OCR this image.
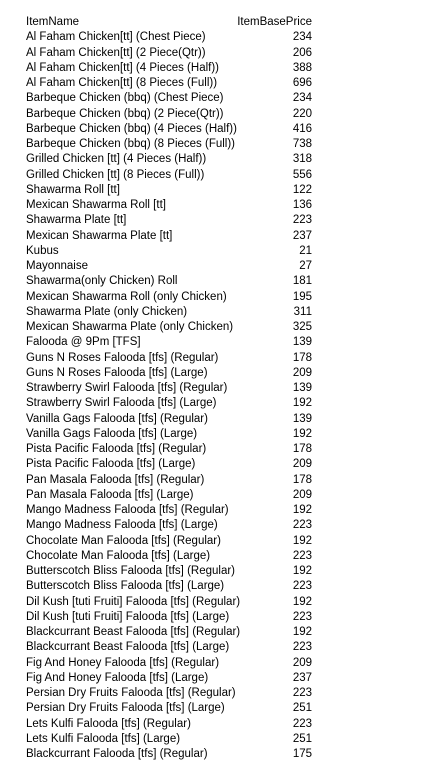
ItemName	ItemBasePrice
Al Faham Chicken[tt] (Chest Piece)	234
Al Faham Chicken[tt] (2 Piece(Qtr))	206
Al Faham Chicken[tt] (4 Pieces (Half))	388
Al Faham Chicken[tt] (8 Pieces (Full))	696
Barbeque Chicken (bbq) (Chest Piece)	234
Barbeque Chicken (bbq) (2 Piece(Qtr))	220
Barbeque Chicken (bbq) (4 Pieces (Half))	416
Barbeque Chicken (bbq) (8 Pieces (Full))	738
Grilled Chicken [tt] (4 Pieces (Half))	318
Grilled Chicken [tt] (8 Pieces (Full))	556
Shawarma Roll [tt]	122
Mexican Shawarma Roll [tt]	136
Shawarma Plate [tt]	223
Mexican Shawarma Plate [tt]	237
Kubus	21
Mayonnaise	27
Shawarma(only Chicken) Roll	181
Mexican Shawarma Roll (only Chicken)	195
Shawarma Plate (only Chicken)	311
Mexican Shawarma Plate (only Chicken)	325
Falooda @ 9Pm [TFS]	139
Guns N Roses Falooda [tfs] (Regular)	178
Guns N Roses Falooda [tfs] (Large)	209
Strawberry Swirl Falooda [tfs] (Regular)	139
Strawberry Swirl Falooda [tfs] (Large)	192
Vanilla Gags Falooda [tfs] (Regular)	139
Vanilla Gags Falooda [tfs] (Large)	192
Pista Pacific Falooda [tfs] (Regular)	178
Pista Pacific Falooda [tfs] (Large)	209
Pan Masala Falooda [tfs] (Regular)	178
Pan Masala Falooda [tfs] (Large)	209
Mango Madness Falooda [tfs] (Regular)	192
Mango Madness Falooda [tfs] (Large)	223
Chocolate Man Falooda [tfs] (Regular)	192
Chocolate Man Falooda [tfs] (Large)	223
Butterscotch Bliss Falooda [tfs] (Regular)	192
Butterscotch Bliss Falooda [tfs] (Large)	223
Dil Kush [tuti Fruiti] Falooda [tfs] (Regular)	192
Dil Kush [tuti Fruiti] Falooda [tfs] (Large)	223
Blackcurrant Beast Falooda [tfs] (Regular)	192
Blackcurrant Beast Falooda [tfs] (Large)	223
Fig And Honey Falooda [tfs] (Regular)	209
Fig And Honey Falooda [tfs] (Large)	237
Persian Dry Fruits Falooda [tfs] (Regular)	223
Persian Dry Fruits Falooda [tfs] (Large)	251
Lets Kulfi Falooda [tfs] (Regular)	223
Lets Kulfi Falooda [tfs] (Large)	251
Blackcurrant Falooda [tfs] (Regular)	175
